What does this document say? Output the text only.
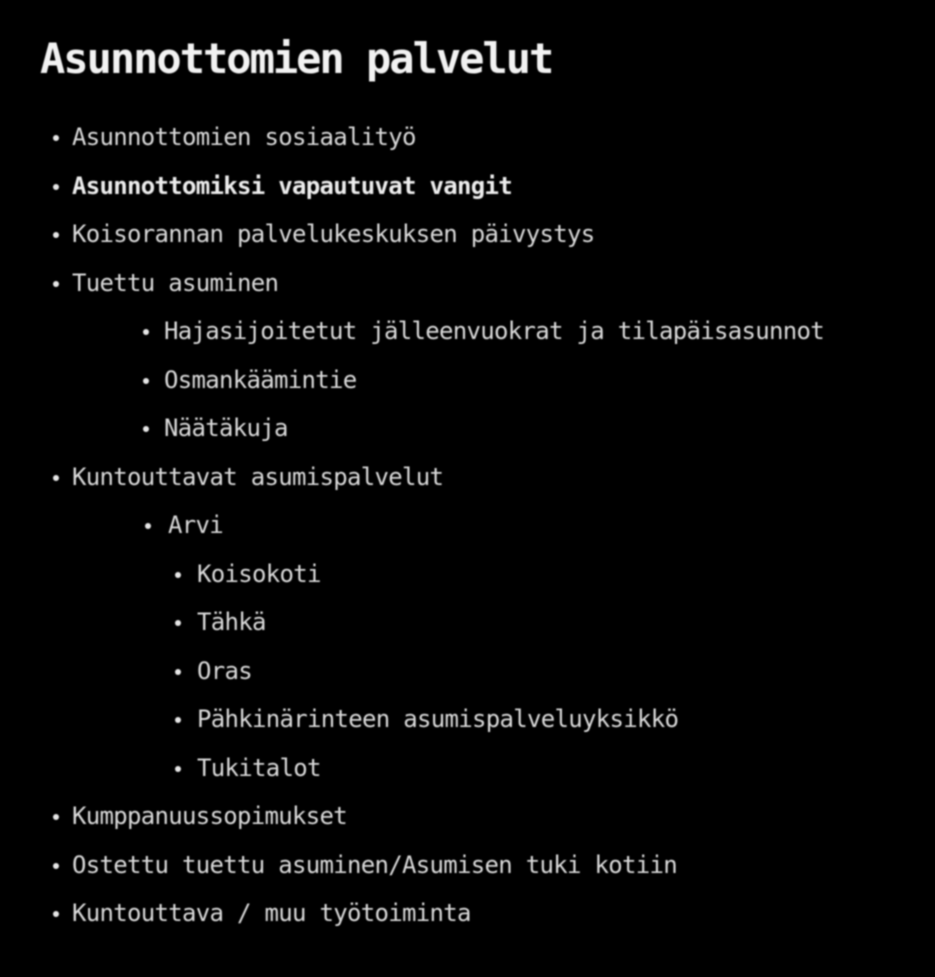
Asunnottomien palvelut
Asunnottomien sosiaalityö
Asunnottomiksi vapautuvat vangit
Koisorannan palvelukeskuksen päivystys
Tuettu asuminen
Hajasijoitetut jälleenvuokrat ja tilapäisasunnot
Osmankäämintie
Näätäkuja
Kuntouttavat asumispalvelut
Arvi
Koisokoti
Tähkä
Oras
Pähkinärinteen asumispalveluyksikkö
Tukitalot
Kumppanuussopimukset
Ostettu tuettu asuminen/Asumisen tuki kotiin
Kuntouttava / muu työtoiminta
